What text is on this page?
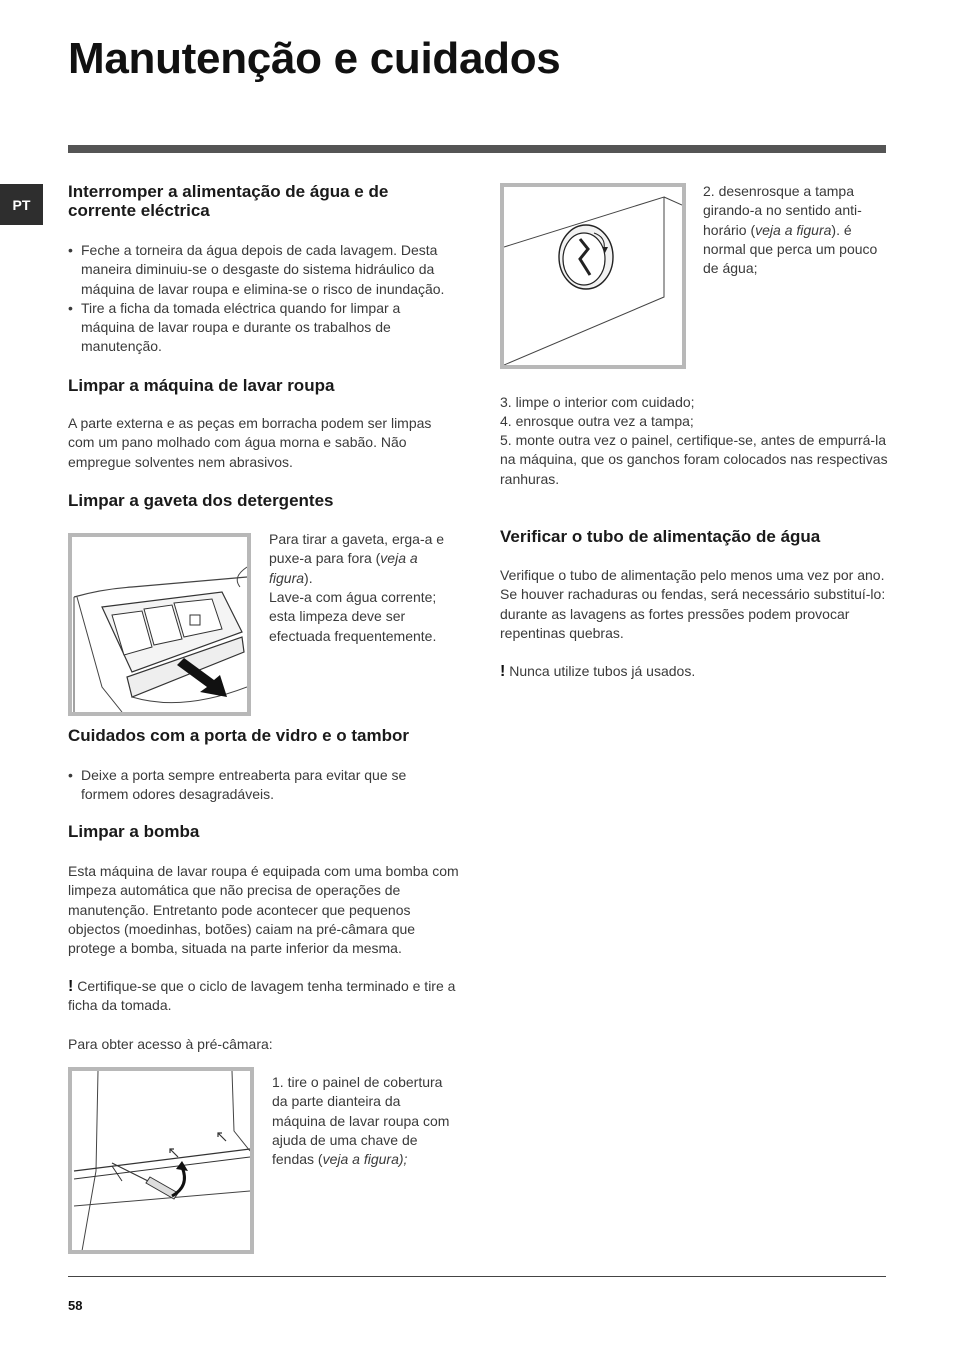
Manutenção e cuidados
PT
Interromper a alimentação de água e de corrente eléctrica
• Feche a torneira da água depois de cada lavagem. Desta maneira diminuiu-se o desgaste do sistema hidráulico da máquina de lavar roupa e elimina-se o risco de inundação.
• Tire a ficha da tomada eléctrica quando for limpar a máquina de lavar roupa e durante os trabalhos de manutenção.
Limpar a máquina de lavar roupa

A parte externa e as peças em borracha podem ser limpas com um pano molhado com água morna e sabão. Não empregue solventes nem abrasivos.

Limpar a gaveta dos detergentes

Para tirar a gaveta, erga-a e puxe-a para fora (veja a figura).

Lave-a com água corrente; esta limpeza deve ser efectuada frequentemente.

Cuidados com a porta de vidro e o tambor
• Deixe a porta sempre entreaberta para evitar que se formem odores desagradáveis.
Limpar a bomba

Esta máquina de lavar roupa é equipada com uma bomba com limpeza automática que não precisa de operações de manutenção. Entretanto pode acontecer que pequenos objectos (moedinhas, botões) caiam na pré-câmara que protege a bomba, situada na parte inferior da mesma.

! Certifique-se que o ciclo de lavagem tenha terminado e tire a ficha da tomada.

Para obter acesso à pré-câmara:

1. tire o painel de cobertura da parte dianteira da máquina de lavar roupa com ajuda de uma chave de fendas (veja a figura);

2. desenrosque a tampa girando-a no sentido anti-horário (veja a figura). é normal que perca um pouco de água;

3. limpe o interior com cuidado;

4. enrosque outra vez a tampa;

5. monte outra vez o painel, certifique-se, antes de empurrá-la na máquina, que os ganchos foram colocados nas respectivas ranhuras.

Verificar o tubo de alimentação de água

Verifique o tubo de alimentação pelo menos uma vez por ano. Se houver rachaduras ou fendas, será necessário substituí-lo: durante as lavagens as fortes pressões podem provocar repentinas quebras.

! Nunca utilize tubos já usados.

58
